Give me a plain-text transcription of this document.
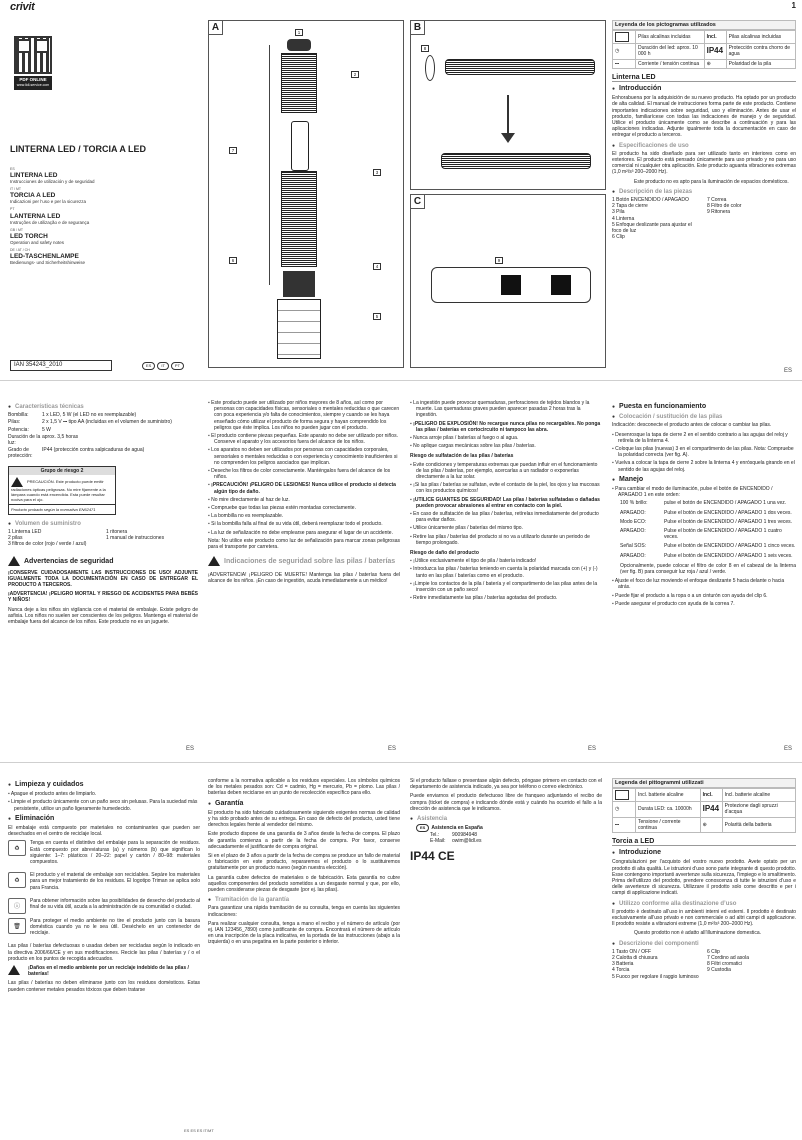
1
crivit
PDF ONLINE
www.lidl-service.com
LINTERNA LED / TORCIA A LED
ES
LINTERNA LED
Instrucciones de utilización y de seguridad
IT / MT
TORCIA A LED
Indicazioni per l’uso e per la sicurezza
PT
LANTERNA LED
Instruções de utilização e de segurança
GB / MT
LED TORCH
Operation and safety notes
DE / AT / CH
LED-TASCHENLAMPE
Bedienungs- und Sicherheitshinweise
IAN 354243_2010	ES	IT	PT
A	1
2
3
4
5
6
7
B
8
C
9
Leyenda de los pictogramas utilizados
	Pilas alcalinas incluidas	Incl.	Pilas alcalinas incluidas
◷	Duración del led: aprox. 10 000 h	IP44	Protección contra chorro de agua
⎓	Corriente / tensión continua	⊕	Polaridad de la pila
Linterna LED
● Introducción
Enhorabuena por la adquisición de su nuevo producto. Ha optado por un producto de alta calidad. El manual de instrucciones forma parte de este producto. Contiene importantes indicaciones sobre seguridad, uso y eliminación. Antes de usar el producto, familiarícese con todas las indicaciones de manejo y de seguridad. Utilice el producto únicamente como se describe a continuación y para las aplicaciones indicadas. Adjunte igualmente toda la documentación en caso de entregar el producto a terceros.
● Especificaciones de uso
El producto ha sido diseñado para ser utilizado tanto en interiores como en exteriores. El producto está pensado únicamente para uso privado y no para uso comercial ni cualquier otra aplicación. Este producto aguanta vibraciones extremas (1,0 m²/s³ 200–2000 Hz).
Este producto no es apto para la iluminación de espacios domésticos.
● Descripción de las piezas
1 Botón ENCENDIDO / APAGADO
2 Tapa de cierre
3 Pila
4 Linterna
5 Enfoque deslizante para ajustar el foco de luz
6 Clip
7 Correa
8 Filtro de color
9 Ritonera
ES
● Características técnicas
Bombilla:	1 x LED, 5 W (el LED no es reemplazable)
Pilas:	2 x 1,5 V ⎓ tipo AA (incluidas en el volumen de suministro)
Potencia:	5 W
Duración de la luz:
aprox. 3,5 horas
Grado de protección:
IP44 (protección contra salpicaduras de agua)
Grupo de riesgo 2
PRECAUCIÓN. Este producto puede emitir radiaciones ópticas peligrosas. No mire fijamente a la lámpara cuando está encendida. Esta puede resultar nociva para el ojo.
Producto probado según la normativa EN62471
● Volumen de suministro
1 Linterna LED
2 pilas
3 filtros de color (rojo / verde / azul)
1 ritonera
1 manual de instrucciones
Advertencias de seguridad
¡CONSERVE CUIDADOSAMENTE LAS INSTRUCCIONES DE USO! ADJUNTE IGUALMENTE TODA LA DOCUMENTACIÓN EN CASO DE ENTREGAR EL PRODUCTO A TERCEROS.
¡ADVERTENCIA! ¡PELIGRO MORTAL Y RIESGO DE ACCIDENTES PARA BEBÉS Y NIÑOS!
Nunca deje a los niños sin vigilancia con el material de embalaje. Existe peligro de asfixia. Los niños no suelen ser conscientes de los peligros. Mantenga el material de embalaje fuera del alcance de los niños. Este producto no es un juguete.
▪ Este producto puede ser utilizado por niños mayores de 8 años, así como por personas con capacidades físicas, sensoriales o mentales reducidas o que carecen con poca experiencia y/o falta de conocimientos, siempre y cuando se les haya enseñado cómo utilizar el producto de forma segura y hayan comprendido los peligros que éste implica. Los niños no pueden jugar con el producto.
▪ El producto contiene piezas pequeñas. Este aparato no debe ser utilizado por niños. Conserve el aparato y los accesorios fuera del alcance de los niños.
▪ Los aparatos no deben ser utilizados por personas con capacidades corporales, sensoriales o mentales reducidas o con experiencia y conocimiento insuficientes si no comprenden los peligros asociados que implican.
▪ Deseche los filtros de color correctamente. Manténgalos fuera del alcance de los niños.
▪ ¡PRECAUCIÓN! ¡PELIGRO DE LESIONES! Nunca utilice el producto si detecta algún tipo de daño.
▪ No mire directamente al haz de luz.
▪ Compruebe que todas las piezas estén montadas correctamente.
▪ La bombilla no es reemplazable.
▪ Si la bombilla falla al final de su vida útil, deberá reemplazar todo el producto.
▪ La luz de señalización no debe emplearse para asegurar el lugar de un accidente.
Nota: No utilice este producto como luz de señalización para marcar zonas peligrosas para el transporte por carretera.
Indicaciones de seguridad sobre las pilas / baterías
¡ADVERTENCIA! ¡PELIGRO DE MUERTE! Mantenga las pilas / baterías fuera del alcance de los niños. ¡En caso de ingestión, acuda inmediatamente a un médico!
▪ La ingestión puede provocar quemaduras, perforaciones de tejidos blandos y la muerte. Las quemaduras graves pueden aparecer pasadas 2 horas tras la ingestión.
▪ ¡PELIGRO DE EXPLOSIÓN! No recargue nunca pilas no recargables. No ponga las pilas / baterías en cortocircuito ni tampoco las abra.
▪ Nunca arroje pilas / baterías al fuego o al agua.
▪ No aplique cargas mecánicas sobre las pilas / baterías.
Riesgo de sulfatación de las pilas / baterías
▪ Evite condiciones y temperaturas extremas que puedan influir en el funcionamiento de las pilas / baterías, por ejemplo, acercarlas a un radiador o exponerlas directamente a la luz solar.
▪ ¡Si las pilas / baterías se sulfatan, evite el contacto de la piel, los ojos y las mucosas con los productos químicos!
▪ ¡UTILICE GUANTES DE SEGURIDAD! Las pilas / baterías sulfatadas o dañadas pueden provocar abrasiones al entrar en contacto con la piel.
▪ En caso de sulfatación de las pilas / baterías, retírelas inmediatamente del producto para evitar daños.
▪ Utilice únicamente pilas / baterías del mismo tipo.
▪ Retire las pilas / baterías del producto si no va a utilizarlo durante un periodo de tiempo prolongado.
Riesgo de daño del producto
▪ ¡Utilice exclusivamente el tipo de pila / batería indicado!
▪ Introduzca las pilas / baterías teniendo en cuenta la polaridad marcada con (+) y (-) tanto en las pilas / baterías como en el producto.
▪ ¡Limpie los contactos de la pila / batería y el compartimento de las pilas antes de la inserción con un paño seco!
▪ Retire inmediatamente las pilas / baterías agotadas del producto.
● Puesta en funcionamiento
● Colocación / sustitución de las pilas
Indicación: desconecte el producto antes de colocar o cambiar las pilas.
▪ Desenrosque la tapa de cierre 2 en el sentido contrario a las agujas del reloj y retírela de la linterna 4.
▪ Coloque las pilas (nuevas) 3 en el compartimento de las pilas. Nota: Compruebe la polaridad correcta (ver fig. A).
▪ Vuelva a colocar la tapa de cierre 2 sobre la linterna 4 y enrósquela girando en el sentido de las agujas del reloj.
● Manejo
▪ Para cambiar el modo de iluminación, pulse el botón de ENCENDIDO / APAGADO 1 en este orden:
100 % brillo:	pulse el botón de ENCENDIDO / APAGADO 1 una vez.
APAGADO:	Pulse el botón de ENCENDIDO / APAGADO 1 dos veces.
Modo ECO:	Pulse el botón de ENCENDIDO / APAGADO 1 tres veces.
APAGADO:	Pulse el botón de ENCENDIDO / APAGADO 1 cuatro veces.
Señal SOS:	Pulse el botón de ENCENDIDO / APAGADO 1 cinco veces.
APAGADO:	Pulse el botón de ENCENDIDO / APAGADO 1 seis veces.
Opcionalmente, puede colocar el filtro de color 8 en el cabezal de la linterna (ver fig. B) para conseguir luz roja / azul / verde.
▪ Ajuste el foco de luz moviendo el enfoque deslizante 5 hacia delante o hacia atrás.
▪ Puede fijar el producto a la ropa o a un cinturón con ayuda del clip 6.
▪ Puede asegurar el producto con ayuda de la correa 7.
ES	ES	ES	ES
● Limpieza y cuidados
▪ Apague el producto antes de limpiarlo.
▪ Limpie el producto únicamente con un paño seco sin pelusas. Para la suciedad más persistente, utilice un paño ligeramente humedecido.
● Eliminación
El embalaje está compuesto por materiales no contaminantes que pueden ser desechados en el centro de reciclaje local.
♻
Tenga en cuenta el distintivo del embalaje para la separación de residuos. Está compuesto por abreviaturas (a) y números (b) que significan lo siguiente: 1–7: plásticos / 20–22: papel y cartón / 80–98: materiales compuestos.
♻
El producto y el material de embalaje son reciclables. Sepáre los materiales para un mejor tratamiento de los residuos. El logotipo Triman se aplica solo para Francia.
ⓘ
Para obtener información sobre las posibilidades de desecho del producto al final de su vida útil, acuda a la administración de su comunidad o ciudad.
🗑
Para proteger el medio ambiente no tire el producto junto con la basura doméstica cuando ya no le sea útil. Deséchelo en un contenedor de reciclaje.
Las pilas / baterías defectuosas o usadas deben ser recicladas según lo indicado en la directiva 2006/66/CE y en sus modificaciones. Recicle las pilas / baterías y / o el producto en los puntos de recogida adecuados.
¡Daños en el medio ambiente por un reciclaje indebido de las pilas / baterías!
Las pilas / baterías no deben eliminarse junto con los residuos domésticos. Estas pueden contener metales pesados tóxicos que deben tratarse
conforme a la normativa aplicable a los residuos especiales. Los símbolos químicos de los metales pesados son: Cd = cadmio, Hg = mercurio, Pb = plomo. Las pilas / baterías deben reciclarse en un punto de recolección específico para ello.
● Garantía
El producto ha sido fabricado cuidadosamente siguiendo exigentes normas de calidad y ha sido probado antes de su entrega. En caso de defecto del producto, usted tiene derechos legales frente al vendedor del mismo.
Este producto dispone de una garantía de 3 años desde la fecha de compra. El plazo de garantía comienza a partir de la fecha de compra. Por favor, conserve adecuadamente el justificante de compra original.
Si en el plazo de 3 años a partir de la fecha de compra se produce un fallo de material o fabricación en este producto, repararemos el producto o lo sustituiremos gratuitamente por un producto nuevo (según nuestra elección).
La garantía cubre defectos de materiales o de fabricación. Esta garantía no cubre aquellos componentes del producto sometidos a un desgaste normal y que, por ello, pueden considerarse piezas de desgaste (por ej. las pilas).
● Tramitación de la garantía
Para garantizar una rápida tramitación de su consulta, tenga en cuenta las siguientes indicaciones:
Para realizar cualquier consulta, tenga a mano el recibo y el número de artículo (por ej. IAN 123456_7890) como justificante de compra. Encontrará el número de artículo en una inscripción de la placa indicativa, en la portada de las instrucciones (abajo a la izquierda) o en una pegatina en la parte posterior o inferior.
Si el producto fallase o presentase algún defecto, póngase primero en contacto con el departamento de asistencia indicado, ya sea por teléfono o correo electrónico.
Puede enviarnos el producto defectuoso libre de franqueo adjuntando el recibo de compra (ticket de compra) e indicando dónde está y cuándo ha ocurrido el fallo a la dirección de asistencia que le indicamos.
● Asistencia
ES Asistencia en España
Tel.:	900984948
E-Mail:	owim@lidl.es
IP44 CE
Legenda dei pittogrammi utilizzati
	Incl. batterie alcaline	Incl.	Incl. batterie alcaline
◷	Durata LED: ca. 10000h	IP44	Protezione dagli spruzzi d’acqua
⎓	Tensione / corrente continua	⊕	Polarità della batteria
Torcia a LED
● Introduzione
Congratulazioni per l’acquisto del vostro nuovo prodotto. Avete optato per un prodotto di alta qualità. Le istruzioni d’uso sono parte integrante di questo prodotto. Esse contengono importanti avvertenze sulla sicurezza, l’impiego e lo smaltimento. Prima dell’utilizzo del prodotto, prendere conoscenza di tutte le istruzioni d’uso e delle avvertenze di sicurezza. Utilizzare il prodotto solo come descritto e per i campi di applicazione indicati.
● Utilizzo conforme alla destinazione d’uso
Il prodotto è destinato all’uso in ambienti interni ed esterni. Il prodotto è destinato esclusivamente all’uso privato e non commerciale o ad altri campi di applicazione. Il prodotto resiste a vibrazioni estreme (1,0 m²/s³ 200–2000 Hz).
Questo prodotto non è adatto all’illuminazione domestica.
● Descrizione dei componenti
1 Tasto ON / OFF
2 Calotta di chiusura
3 Batteria
4 Torcia
5 Fuoco per regolare il raggio luminoso
6 Clip
7 Cordino ad asola
8 Filtri cromatici
9 Custodia
ES ES ES IT/MT
